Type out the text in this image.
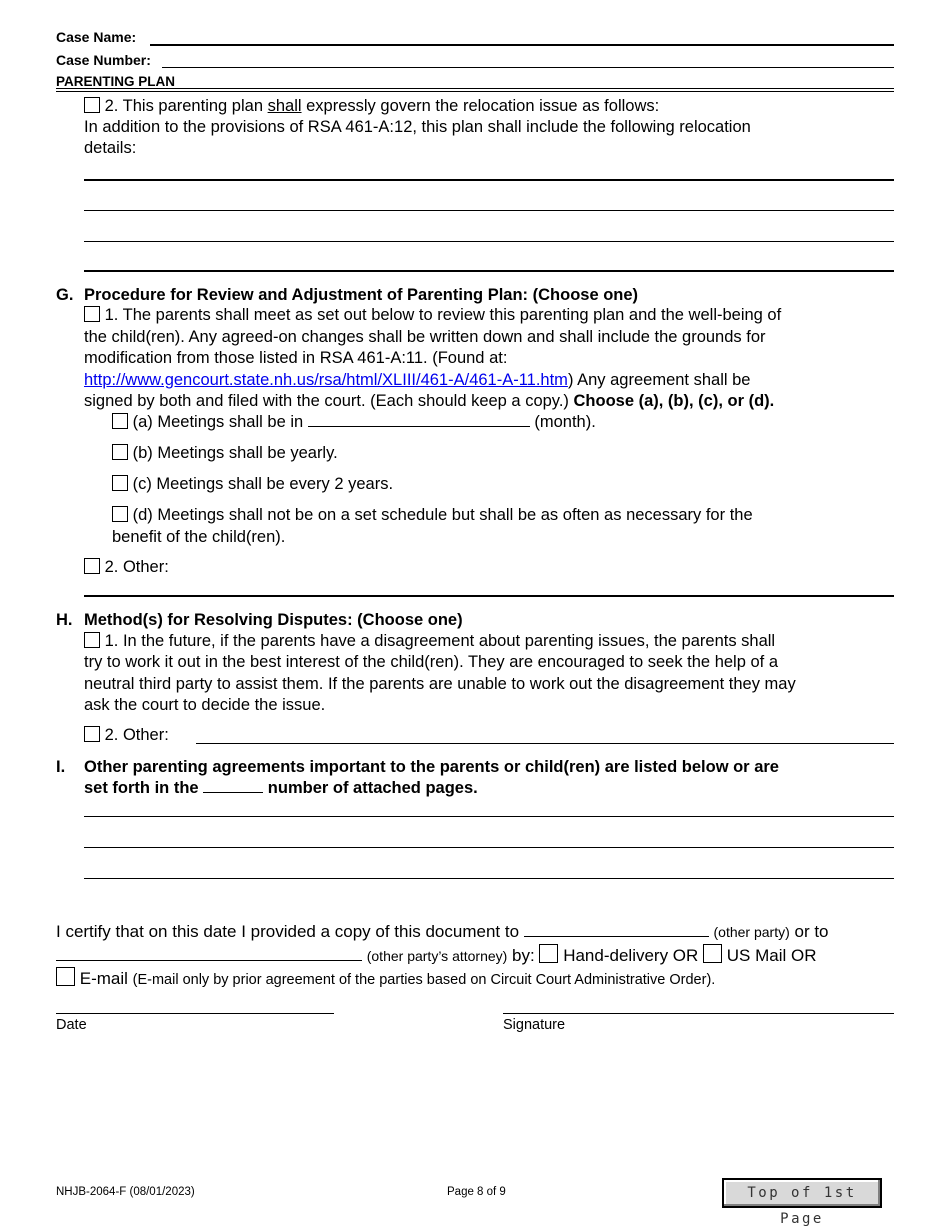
Case Name:
Case Number:
PARENTING PLAN
2. This parenting plan shall expressly govern the relocation issue as follows:
In addition to the provisions of RSA 461-A:12, this plan shall include the following relocation
details:
G. Procedure for Review and Adjustment of Parenting Plan: (Choose one)
1. The parents shall meet as set out below to review this parenting plan and the well-being of
the child(ren). Any agreed-on changes shall be written down and shall include the grounds for
modification from those listed in RSA 461-A:11. (Found at:
http://www.gencourt.state.nh.us/rsa/html/XLIII/461-A/461-A-11.htm) Any agreement shall be
signed by both and filed with the court. (Each should keep a copy.) Choose (a), (b), (c), or (d).
(a) Meetings shall be in	(month).
(b) Meetings shall be yearly.
(c) Meetings shall be every 2 years.
(d) Meetings shall not be on a set schedule but shall be as often as necessary for the
benefit of the child(ren).
2. Other:
H. Method(s) for Resolving Disputes: (Choose one)
1. In the future, if the parents have a disagreement about parenting issues, the parents shall
try to work it out in the best interest of the child(ren). They are encouraged to seek the help of a
neutral third party to assist them. If the parents are unable to work out the disagreement they may
ask the court to decide the issue.
2. Other:
I. Other parenting agreements important to the parents or child(ren) are listed below or are
set forth in the	number of attached pages.
I certify that on this date I provided a copy of this document to	(other party) or to
(other party’s attorney) by: Hand-delivery OR US Mail OR
E-mail (E-mail only by prior agreement of the parties based on Circuit Court Administrative Order).
Date	Signature
NHJB-2064-F (08/01/2023)	Page 8 of 9	Top of 1st Page
